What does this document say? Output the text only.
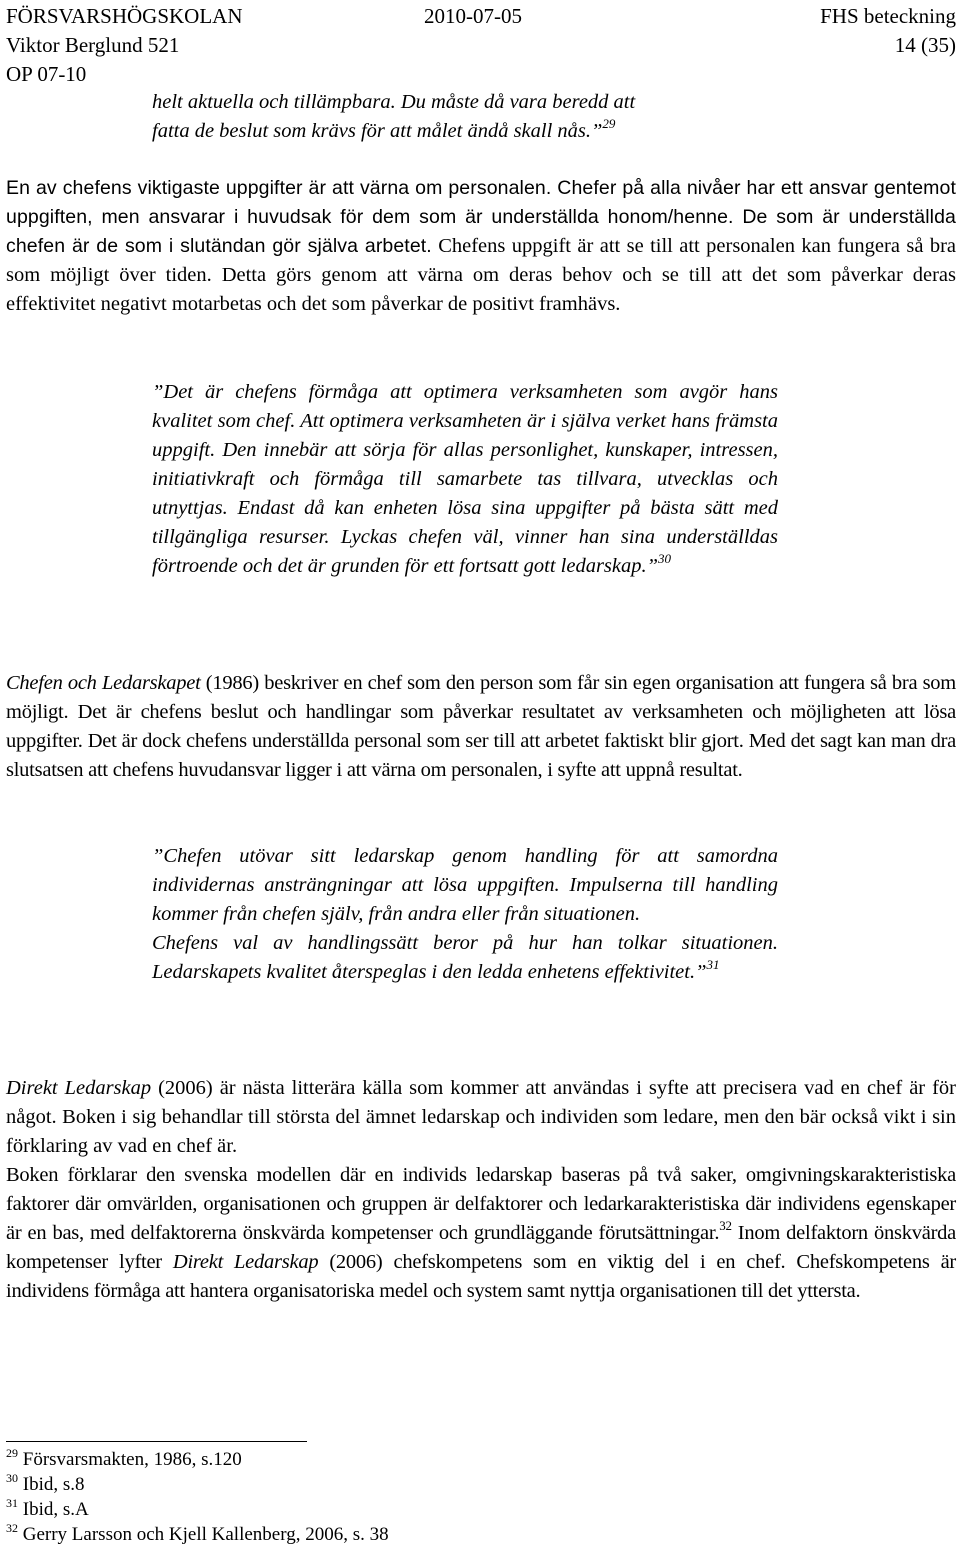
FÖRSVARSHÖGSKOLAN	2010-07-05	FHS beteckning
Viktor Berglund 521	14 (35)
OP 07-10

helt aktuella och tillämpbara. Du måste då vara beredd att

fatta de beslut som krävs för att målet ändå skall nås.”$^{29}$

En av chefens viktigaste uppgifter är att värna om personalen. Chefer på alla nivåer har ett ansvar gentemot uppgiften, men ansvarar i huvudsak för dem som är underställda honom/henne. De som är underställda chefen är de som i slutändan gör själva arbetet. Chefens uppgift är att se till att personalen kan fungera så bra som möjligt över tiden. Detta görs genom att värna om deras behov och se till att det som påverkar deras effektivitet negativt motarbetas och det som påverkar de positivt framhävs.

”Det är chefens förmåga att optimera verksamheten som avgör hans kvalitet som chef. Att optimera verksamheten är i själva verket hans främsta uppgift. Den innebär att sörja för allas personlighet, kunskaper, intressen, initiativkraft och förmåga till samarbete tas tillvara, utvecklas och utnyttjas. Endast då kan enheten lösa sina uppgifter på bästa sätt med tillgängliga resurser. Lyckas chefen väl, vinner han sina underställdas förtroende och det är grunden för ett fortsatt gott ledarskap.”$^{30}$

Chefen och Ledarskapet (1986) beskriver en chef som den person som får sin egen organisation att fungera så bra som möjligt. Det är chefens beslut och handlingar som påverkar resultatet av verksamheten och möjligheten att lösa uppgifter. Det är dock chefens underställda personal som ser till att arbetet faktiskt blir gjort. Med det sagt kan man dra slutsatsen att chefens huvudansvar ligger i att värna om personalen, i syfte att uppnå resultat.

”Chefen utövar sitt ledarskap genom handling för att samordna individernas ansträngningar att lösa uppgiften. Impulserna till handling kommer från chefen själv, från andra eller från situationen.

Chefens val av handlingssätt beror på hur han tolkar situationen. Ledarskapets kvalitet återspeglas i den ledda enhetens effektivitet.”$^{31}$

Direkt Ledarskap (2006) är nästa litterära källa som kommer att användas i syfte att precisera vad en chef är för något. Boken i sig behandlar till största del ämnet ledarskap och individen som ledare, men den bär också vikt i sin förklaring av vad en chef är.

Boken förklarar den svenska modellen där en individs ledarskap baseras på två saker, omgivningskarakteristiska faktorer där omvärlden, organisationen och gruppen är delfaktorer och ledarkarakteristiska där individens egenskaper är en bas, med delfaktorerna önskvärda kompetenser och grundläggande förutsättningar.$^{32}$ Inom delfaktorn önskvärda kompetenser lyfter Direkt Ledarskap (2006) chefskompetens som en viktig del i en chef. Chefskompetens är individens förmåga att hantera organisatoriska medel och system samt nyttja organisationen till det yttersta.

$^{29}$ Försvarsmakten, 1986, s.120
$^{30}$ Ibid, s.8
$^{31}$ Ibid, s.A
$^{32}$ Gerry Larsson och Kjell Kallenberg, 2006, s. 38
